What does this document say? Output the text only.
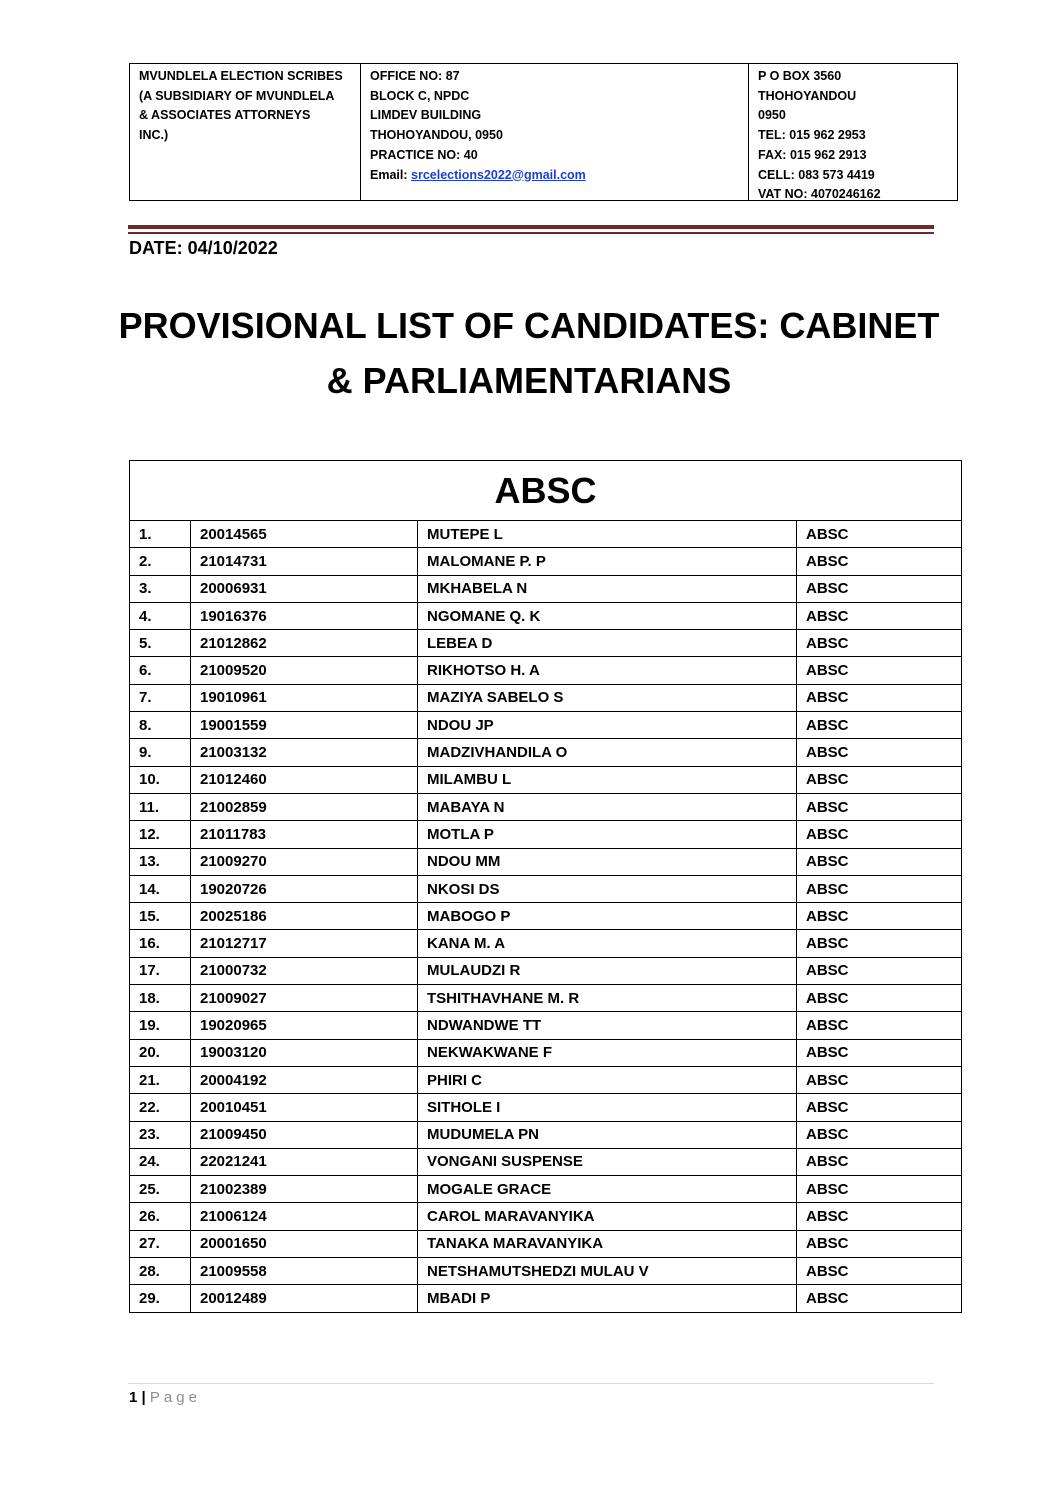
MVUNDLELA ELECTION SCRIBES
(A SUBSIDIARY OF MVUNDLELA
& ASSOCIATES ATTORNEYS
INC.)
OFFICE NO: 87
BLOCK C, NPDC
LIMDEV BUILDING
THOHOYANDOU, 0950
PRACTICE NO: 40
Email: srcelections2022@gmail.com
P O BOX 3560
THOHOYANDOU
0950
TEL: 015 962 2953
FAX: 015 962 2913
CELL: 083 573 4419
VAT NO: 4070246162
DATE: 04/10/2022
PROVISIONAL LIST OF CANDIDATES: CABINET
& PARLIAMENTARIANS
ABSC			
1.	20014565	MUTEPE L	ABSC
2.	21014731	MALOMANE P. P	ABSC
3.	20006931	MKHABELA N	ABSC
4.	19016376	NGOMANE Q. K	ABSC
5.	21012862	LEBEA D	ABSC
6.	21009520	RIKHOTSO H. A	ABSC
7.	19010961	MAZIYA SABELO S	ABSC
8.	19001559	NDOU JP	ABSC
9.	21003132	MADZIVHANDILA O	ABSC
10.	21012460	MILAMBU L	ABSC
11.	21002859	MABAYA N	ABSC
12.	21011783	MOTLA P	ABSC
13.	21009270	NDOU MM	ABSC
14.	19020726	NKOSI DS	ABSC
15.	20025186	MABOGO P	ABSC
16.	21012717	KANA M. A	ABSC
17.	21000732	MULAUDZI R	ABSC
18.	21009027	TSHITHAVHANE M. R	ABSC
19.	19020965	NDWANDWE TT	ABSC
20.	19003120	NEKWAKWANE F	ABSC
21.	20004192	PHIRI C	ABSC
22.	20010451	SITHOLE I	ABSC
23.	21009450	MUDUMELA PN	ABSC
24.	22021241	VONGANI SUSPENSE	ABSC
25.	21002389	MOGALE GRACE	ABSC
26.	21006124	CAROL MARAVANYIKA	ABSC
27.	20001650	TANAKA MARAVANYIKA	ABSC
28.	21009558	NETSHAMUTSHEDZI MULAU V	ABSC
29.	20012489	MBADI P	ABSC
1 | Page
